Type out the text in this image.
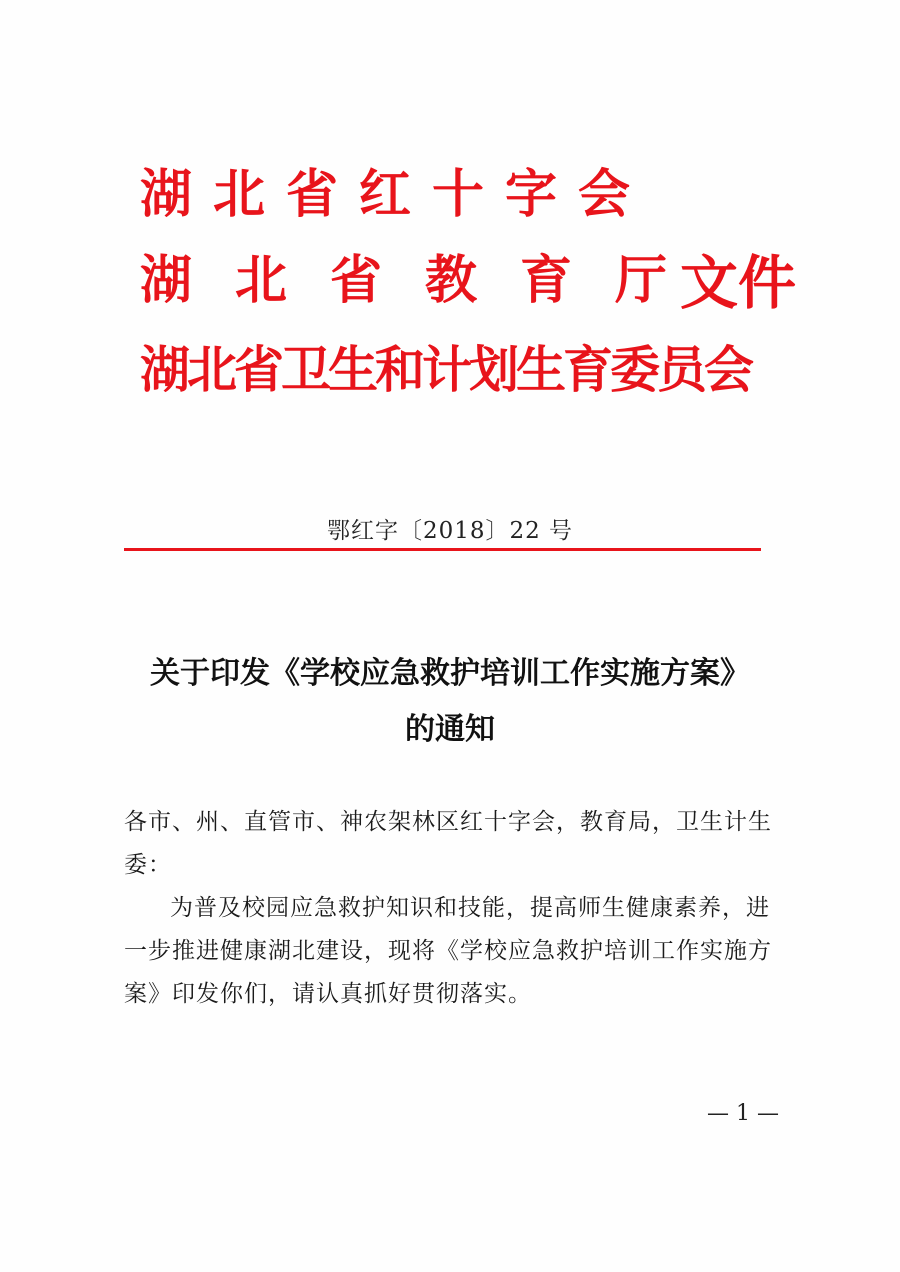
湖北省红十字会
湖北省教育厅
湖北省卫生和计划生育委员会
文件
鄂红字〔2018〕22 号
关于印发《学校应急救护培训工作实施方案》
的通知

各市、州、直管市、神农架林区红十字会，教育局，卫生计生委：

为普及校园应急救护知识和技能，提高师生健康素养，进一步推进健康湖北建设，现将《学校应急救护培训工作实施方案》印发你们，请认真抓好贯彻落实。

— 1 —
